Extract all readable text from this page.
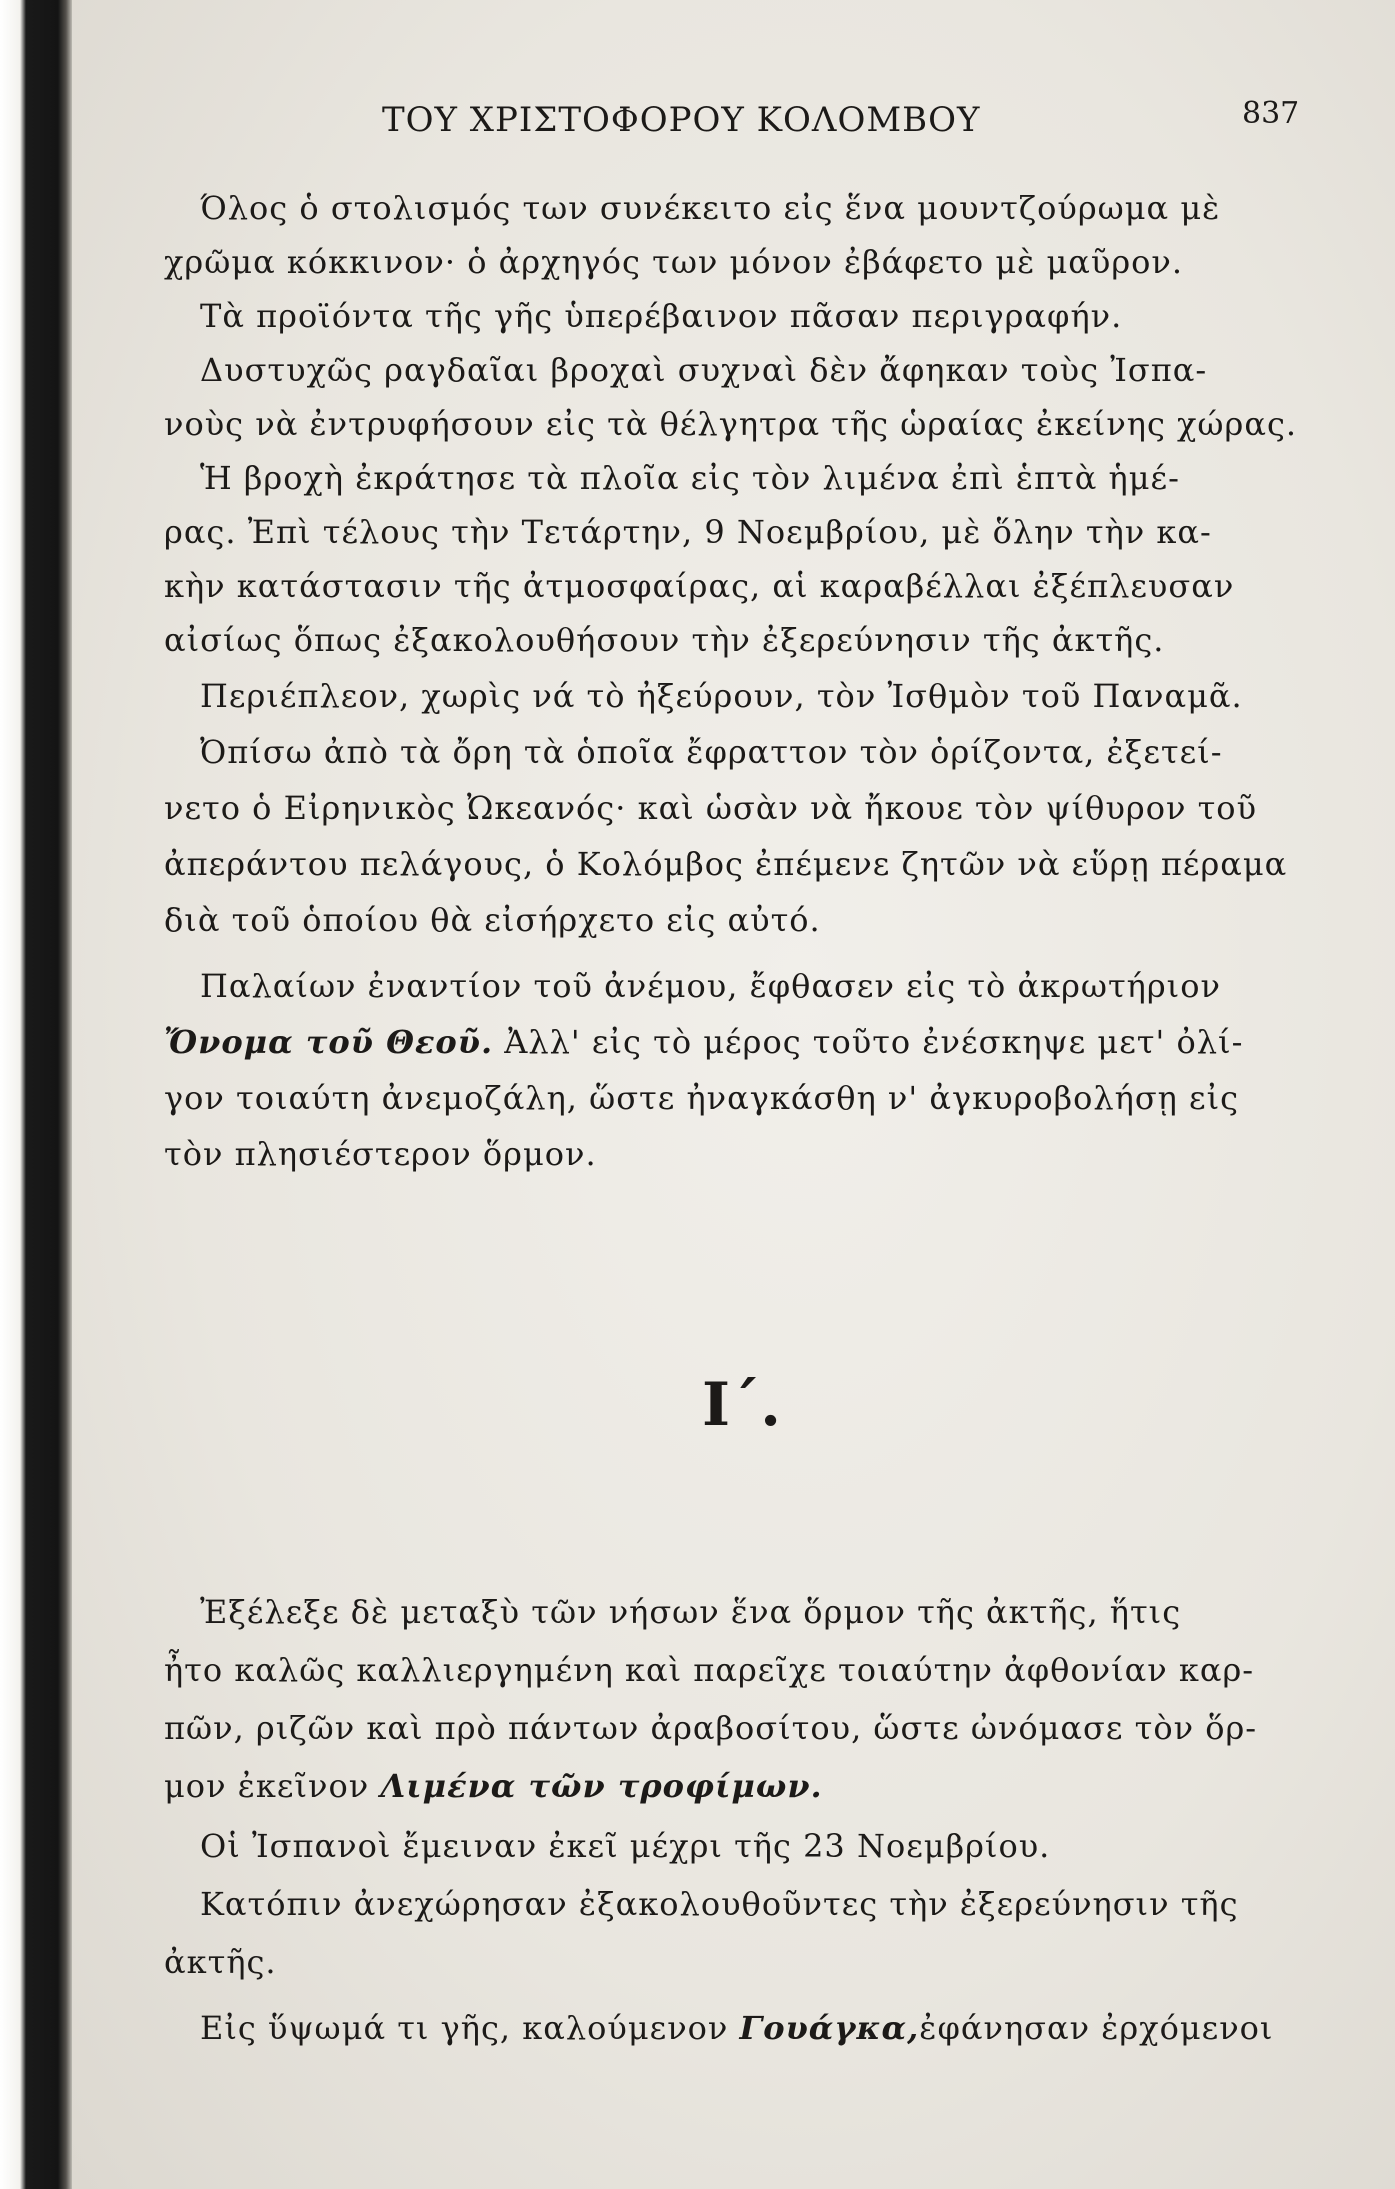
ΤΟΥ ΧΡΙΣΤΟΦΟΡΟΥ ΚΟΛΟΜΒΟΥ	837
Όλος ὁ στολισμός των συνέκειτο εἰς ἕνα μουντζούρωμα μὲ
χρῶμα κόκκινον· ὁ ἀρχηγός των μόνον ἐβάφετο μὲ μαῦρον.
Τὰ προϊόντα τῆς γῆς ὑπερέβαινον πᾶσαν περιγραφήν.
Δυστυχῶς ραγδαῖαι βροχαὶ συχναὶ δὲν ἄφηκαν τοὺς Ἰσπα-
νοὺς νὰ ἐντρυφήσουν εἰς τὰ θέλγητρα τῆς ὡραίας ἐκείνης χώρας.
Ἡ βροχὴ ἐκράτησε τὰ πλοῖα εἰς τὸν λιμένα ἐπὶ ἑπτὰ ἡμέ-
ρας. Ἐπὶ τέλους τὴν Τετάρτην, 9 Νοεμβρίου, μὲ ὅλην τὴν κα-
κὴν κατάστασιν τῆς ἀτμοσφαίρας, αἱ καραβέλλαι ἐξέπλευσαν
αἰσίως ὅπως ἐξακολουθήσουν τὴν ἐξερεύνησιν τῆς ἀκτῆς.
Περιέπλεον, χωρὶς νά τὸ ἠξεύρουν, τὸν Ἰσθμὸν τοῦ Παναμᾶ.
Ὀπίσω ἀπὸ τὰ ὄρη τὰ ὁποῖα ἔφραττον τὸν ὁρίζοντα, ἐξετεί-
νετο ὁ Εἰρηνικὸς Ὠκεανός· καὶ ὡσὰν νὰ ἤκουε τὸν ψίθυρον τοῦ
ἀπεράντου πελάγους, ὁ Κολόμβος ἐπέμενε ζητῶν νὰ εὕρῃ πέραμα
διὰ τοῦ ὁποίου θὰ εἰσήρχετο εἰς αὐτό.
Παλαίων ἐναντίον τοῦ ἀνέμου, ἔφθασεν εἰς τὸ ἀκρωτήριον
Ὄνομα τοῦ Θεοῦ. Ἀλλ' εἰς τὸ μέρος τοῦτο ἐνέσκηψε μετ' ὀλί-
γον τοιαύτη ἀνεμοζάλη, ὥστε ἠναγκάσθη ν' ἀγκυροβολήσῃ εἰς
τὸν πλησιέστερον ὅρμον.
Ι΄.
Ἐξέλεξε δὲ μεταξὺ τῶν νήσων ἕνα ὅρμον τῆς ἀκτῆς, ἥτις
ἦτο καλῶς καλλιεργημένη καὶ παρεῖχε τοιαύτην ἀφθονίαν καρ-
πῶν, ριζῶν καὶ πρὸ πάντων ἀραβοσίτου, ὥστε ὠνόμασε τὸν ὅρ-
μον ἐκεῖνον Λιμένα τῶν τροφίμων.
Οἱ Ἰσπανοὶ ἔμειναν ἐκεῖ μέχρι τῆς 23 Νοεμβρίου.
Κατόπιν ἀνεχώρησαν ἐξακολουθοῦντες τὴν ἐξερεύνησιν τῆς
ἀκτῆς.
Εἰς ὕψωμά τι γῆς, καλούμενον Γουάγκα,ἐφάνησαν ἐρχόμενοι
